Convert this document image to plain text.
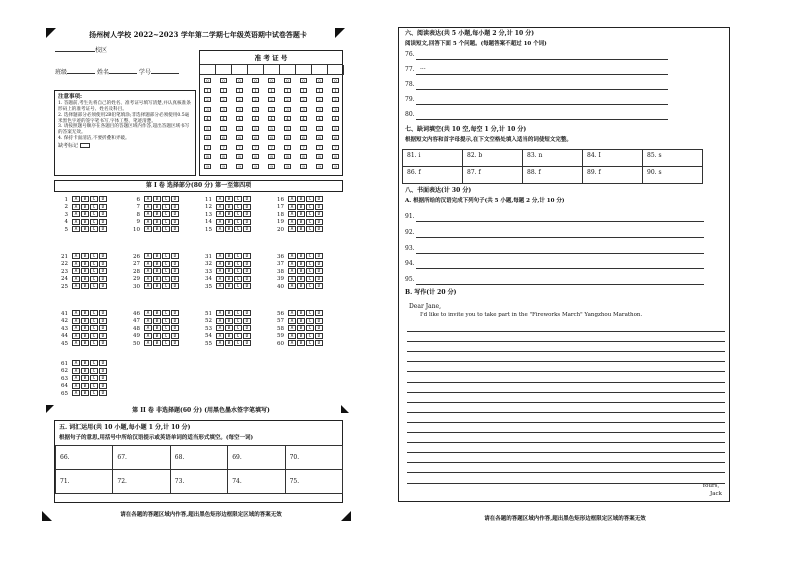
扬州树人学校 2022~2023 学年第二学期七年级英语期中试卷答题卡
校区
班级	姓名	学号
注意事项:
1. 答题前,考生先将自己的姓名、准考证号填写清楚,并认真核准条形码上的准考证号、姓名及科目。
2. 选择题部分必须使用2B铅笔填涂;非选择题部分必须使用0.5毫米黑色字迹的签字笔书写,字体工整、笔迹清楚。
3. 请按照题号顺序在各题目的答题区域内作答,超出答题区域书写的答案无效。
4. 保持卡面清洁,不要折叠和弄破。
缺考标记
准 考 证 号
0
1
2
3
4
5
6
7
8
9
0
1
2
3
4
5
6
7
8
9
0
1
2
3
4
5
6
7
8
9
0
1
2
3
4
5
6
7
8
9
0
1
2
3
4
5
6
7
8
9
0
1
2
3
4
5
6
7
8
9
0
1
2
3
4
5
6
7
8
9
0
1
2
3
4
5
6
7
8
9
0
1
2
3
4
5
6
7
8
9
第 I 卷 选择部分(80 分) 第一至第四项
1 A B C D
2 A B C D
3 A B C D
4 A B C D
5 A B C D
6 A B C D
7 A B C D
8 A B C D
9 A B C D
10 A B C D
11 A B C D
12 A B C D
13 A B C D
14 A B C D
15 A B C D
16 A B C D
17 A B C D
18 A B C D
19 A B C D
20 A B C D
21 A B C D
22 A B C D
23 A B C D
24 A B C D
25 A B C D
26 A B C D
27 A B C D
28 A B C D
29 A B C D
30 A B C D
31 A B C D
32 A B C D
33 A B C D
34 A B C D
35 A B C D
36 A B C D
37 A B C D
38 A B C D
39 A B C D
40 A B C D
41 A B C D
42 A B C D
43 A B C D
44 A B C D
45 A B C D
46 A B C D
47 A B C D
48 A B C D
49 A B C D
50 A B C D
51 A B C D
52 A B C D
53 A B C D
54 A B C D
55 A B C D
56 A B C D
57 A B C D
58 A B C D
59 A B C D
60 A B C D
61 A B C D
62 A B C D
63 A B C D
64 A B C D
65 A B C D
第 II 卷 非选择题(60 分) (用黑色墨水签字笔填写)
五. 词汇运用(共 10 小题,每小题 1 分,计 10 分)
根据句子的意思,用括号中所给汉语提示或英语单词的适当形式填空。(每空一词)
66.	67.	68.	69.	70.
71.	72.	73.	74.	75.
请在各题的答题区域内作答,超出黑色矩形边框限定区域的答案无效
六、阅读表达(共 5 小题,每小题 2 分,计 10 分)
阅读短文,回答下面 5 个问题。(每题答案不超过 10 个词)
七、缺词填空(共 10 空,每空 1 分,计 10 分)
根据短文内容和首字母提示,在下文空格处填入适当的词使短文完整。
81. i	82. b	83. n	84. I	85. s
86. f	87. f	88. f	89. f	90. s
八、书面表达(计 30 分)
A. 根据所给的汉语完成下列句子(共 5 小题,每题 2 分,计 10 分)
B. 写作(计 20 分)
Dear Jane,
I'd like to invite you to take part in the "Fireworks March" Yangzhou Marathon.
Yours,
Jack
请在各题的答题区域内作答,超出黑色矩形边框限定区域的答案无效
76.
77. ...
78.
79.
80.
91.
92.
93.
94.
95.
